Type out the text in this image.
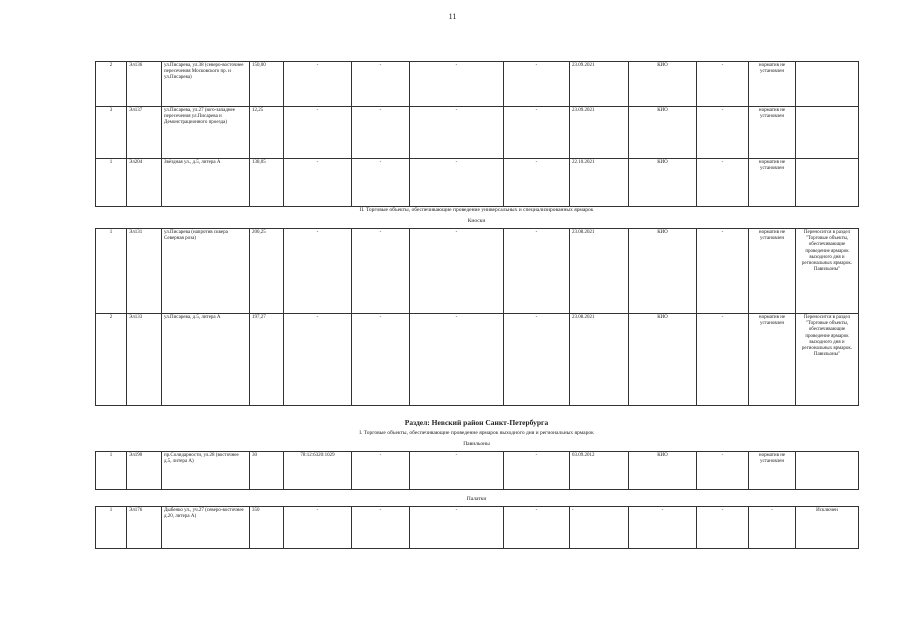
11
2	Эл136	ул.Писарева, ул.38 (северо-восточнее пересечения Московского пр. и ул.Писарева)	150,00	-	-	-	-	23.09.2021	КИО	-	норматив не установлен	
3	Эл137	ул.Писарева, ул.27 (юго-западнее пересечения ул.Писарева и Демонстрационного проезда)	12,25	-	-	-	-	23.09.2021	КИО	-	норматив не установлен	
1	Эл204	Звёздная ул., д.5, литера А	138,05	-	-	-	-	22.10.2021	КИО	-	норматив не установлен	
II. Торговые объекты, обеспечивающие проведение универсальных и специализированных ярмарок
Киоски
1	Эл131	ул.Писарева (напротив сквера Северная роза)	200,25	-	-	-	-	23.08.2021	КИО	-	норматив не установлен	Переносится в раздел "Торговые объекты, обеспечивающие проведение ярмарок выходного дня и региональных ярмарок. Павильоны"
2	Эл133	ул.Писарева, д.5, литера А	197,27	-	-	-	-	23.08.2021	КИО	-	норматив не установлен	Переносится в раздел "Торговые объекты, обеспечивающие проведение ярмарок выходного дня и региональных ярмарок. Павильоны"
Раздел: Невский район Санкт-Петербурга
I. Торговые объекты, обеспечивающие проведение ярмарок выходного дня и региональных ярмарок
Павильоны
1	Эл190	пр.Солидарности, ул.28 (восточнее д.5, литера А)	30	78:12:6320:1029	-	-	-	03.09.2012	КИО	-	норматив не установлен	
Палатки
1	Эл176	Дыбенко ул., уч.27 (северо-восточнее д.20, литера А)	350	-	-	-	-	-	-	-	-	Исключен
